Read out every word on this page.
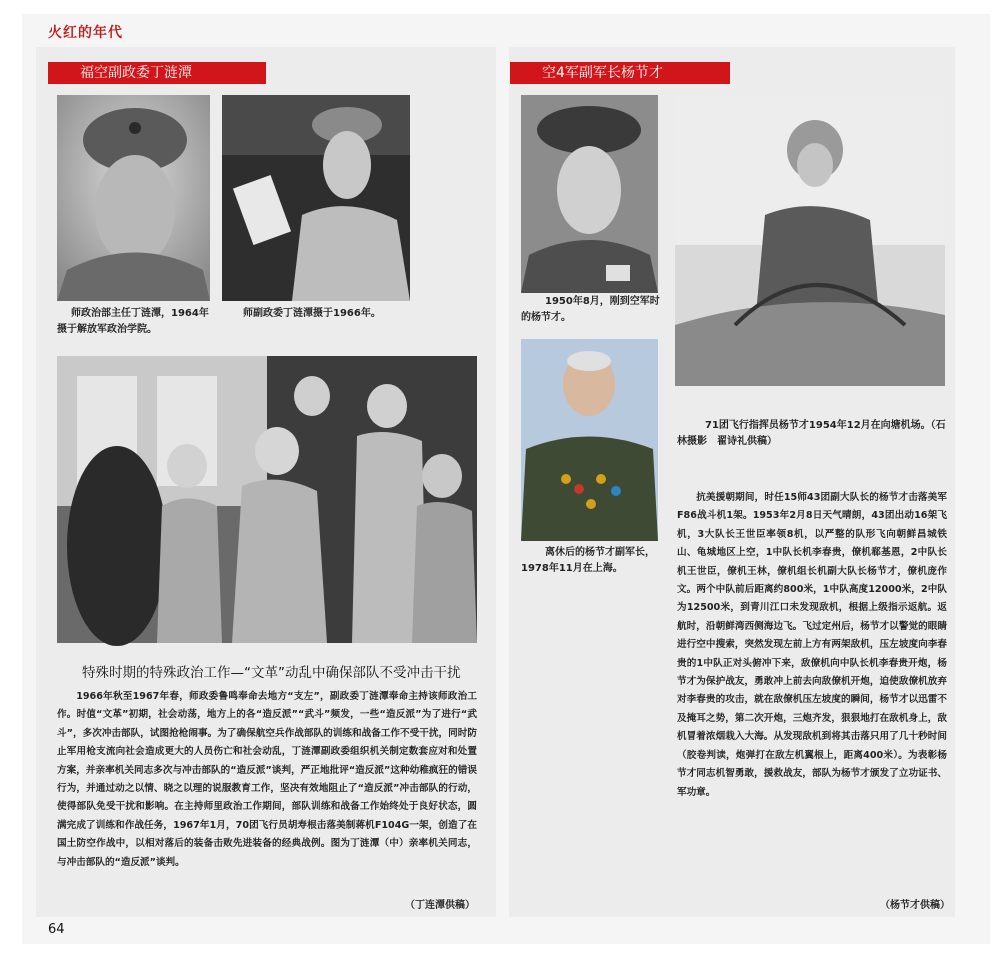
火红的年代
福空副政委丁涟潭
师政治部主任丁涟潭，1964年摄于解放军政治学院。
师副政委丁涟潭摄于1966年。
特殊时期的特殊政治工作—“文革”动乱中确保部队不受冲击干扰
1966年秋至1967年春，师政委鲁鸣奉命去地方“支左”，副政委丁涟潭奉命主持该师政治工作。时值“文革”初期，社会动荡，地方上的各“造反派”“武斗”频发，一些“造反派”为了进行“武斗”，多次冲击部队，试图抢枪闹事。为了确保航空兵作战部队的训练和战备工作不受干扰，同时防止军用枪支流向社会造成更大的人员伤亡和社会动乱，丁涟潭副政委组织机关制定数套应对和处置方案，并亲率机关同志多次与冲击部队的“造反派”谈判，严正地批评“造反派”这种幼稚疯狂的错误行为，并通过动之以情、晓之以理的说服教育工作，坚决有效地阻止了“造反派”冲击部队的行动，使得部队免受干扰和影响。在主持师里政治工作期间，部队训练和战备工作始终处于良好状态，圆满完成了训练和作战任务，1967年1月，70团飞行员胡寿根击落美制蒋机F104G一架，创造了在国土防空作战中，以相对落后的装备击败先进装备的经典战例。图为丁涟潭（中）亲率机关同志，与冲击部队的“造反派”谈判。
（丁连潭供稿）
空4军副军长杨节才
1950年8月，刚到空军时的杨节才。
71团飞行指挥员杨节才1954年12月在向塘机场。（石林摄影　翟诗礼供稿）
离休后的杨节才副军长，1978年11月在上海。
抗美援朝期间，时任15师43团副大队长的杨节才击落美军F86战斗机1架。1953年2月8日天气晴朗，43团出动16架飞机，3大队长王世臣率领8机，以严整的队形飞向朝鲜昌城铁山、龟城地区上空，1中队长机李春贵，僚机郗基恩，2中队长机王世臣，僚机王林，僚机组长机副大队长杨节才，僚机庞作文。两个中队前后距离约800米，1中队高度12000米，2中队为12500米，到青川江口未发现敌机，根据上级指示返航。返航时，沿朝鲜湾西侧海边飞。飞过定州后，杨节才以警觉的眼睛进行空中搜索，突然发现左前上方有两架敌机，压左坡度向李春贵的1中队正对头俯冲下来，敌僚机向中队长机李春贵开炮，杨节才为保护战友，勇敢冲上前去向敌僚机开炮，迫使敌僚机放弃对李春贵的攻击，就在敌僚机压左坡度的瞬间，杨节才以迅雷不及掩耳之势，第二次开炮，三炮齐发，狠狠地打在敌机身上，敌机冒着浓烟栽入大海。从发现敌机到将其击落只用了几十秒时间（胶卷判读，炮弹打在敌左机翼根上，距离400米）。为表彰杨节才同志机智勇敢，援救战友，部队为杨节才颁发了立功证书、军功章。
（杨节才供稿）
64
